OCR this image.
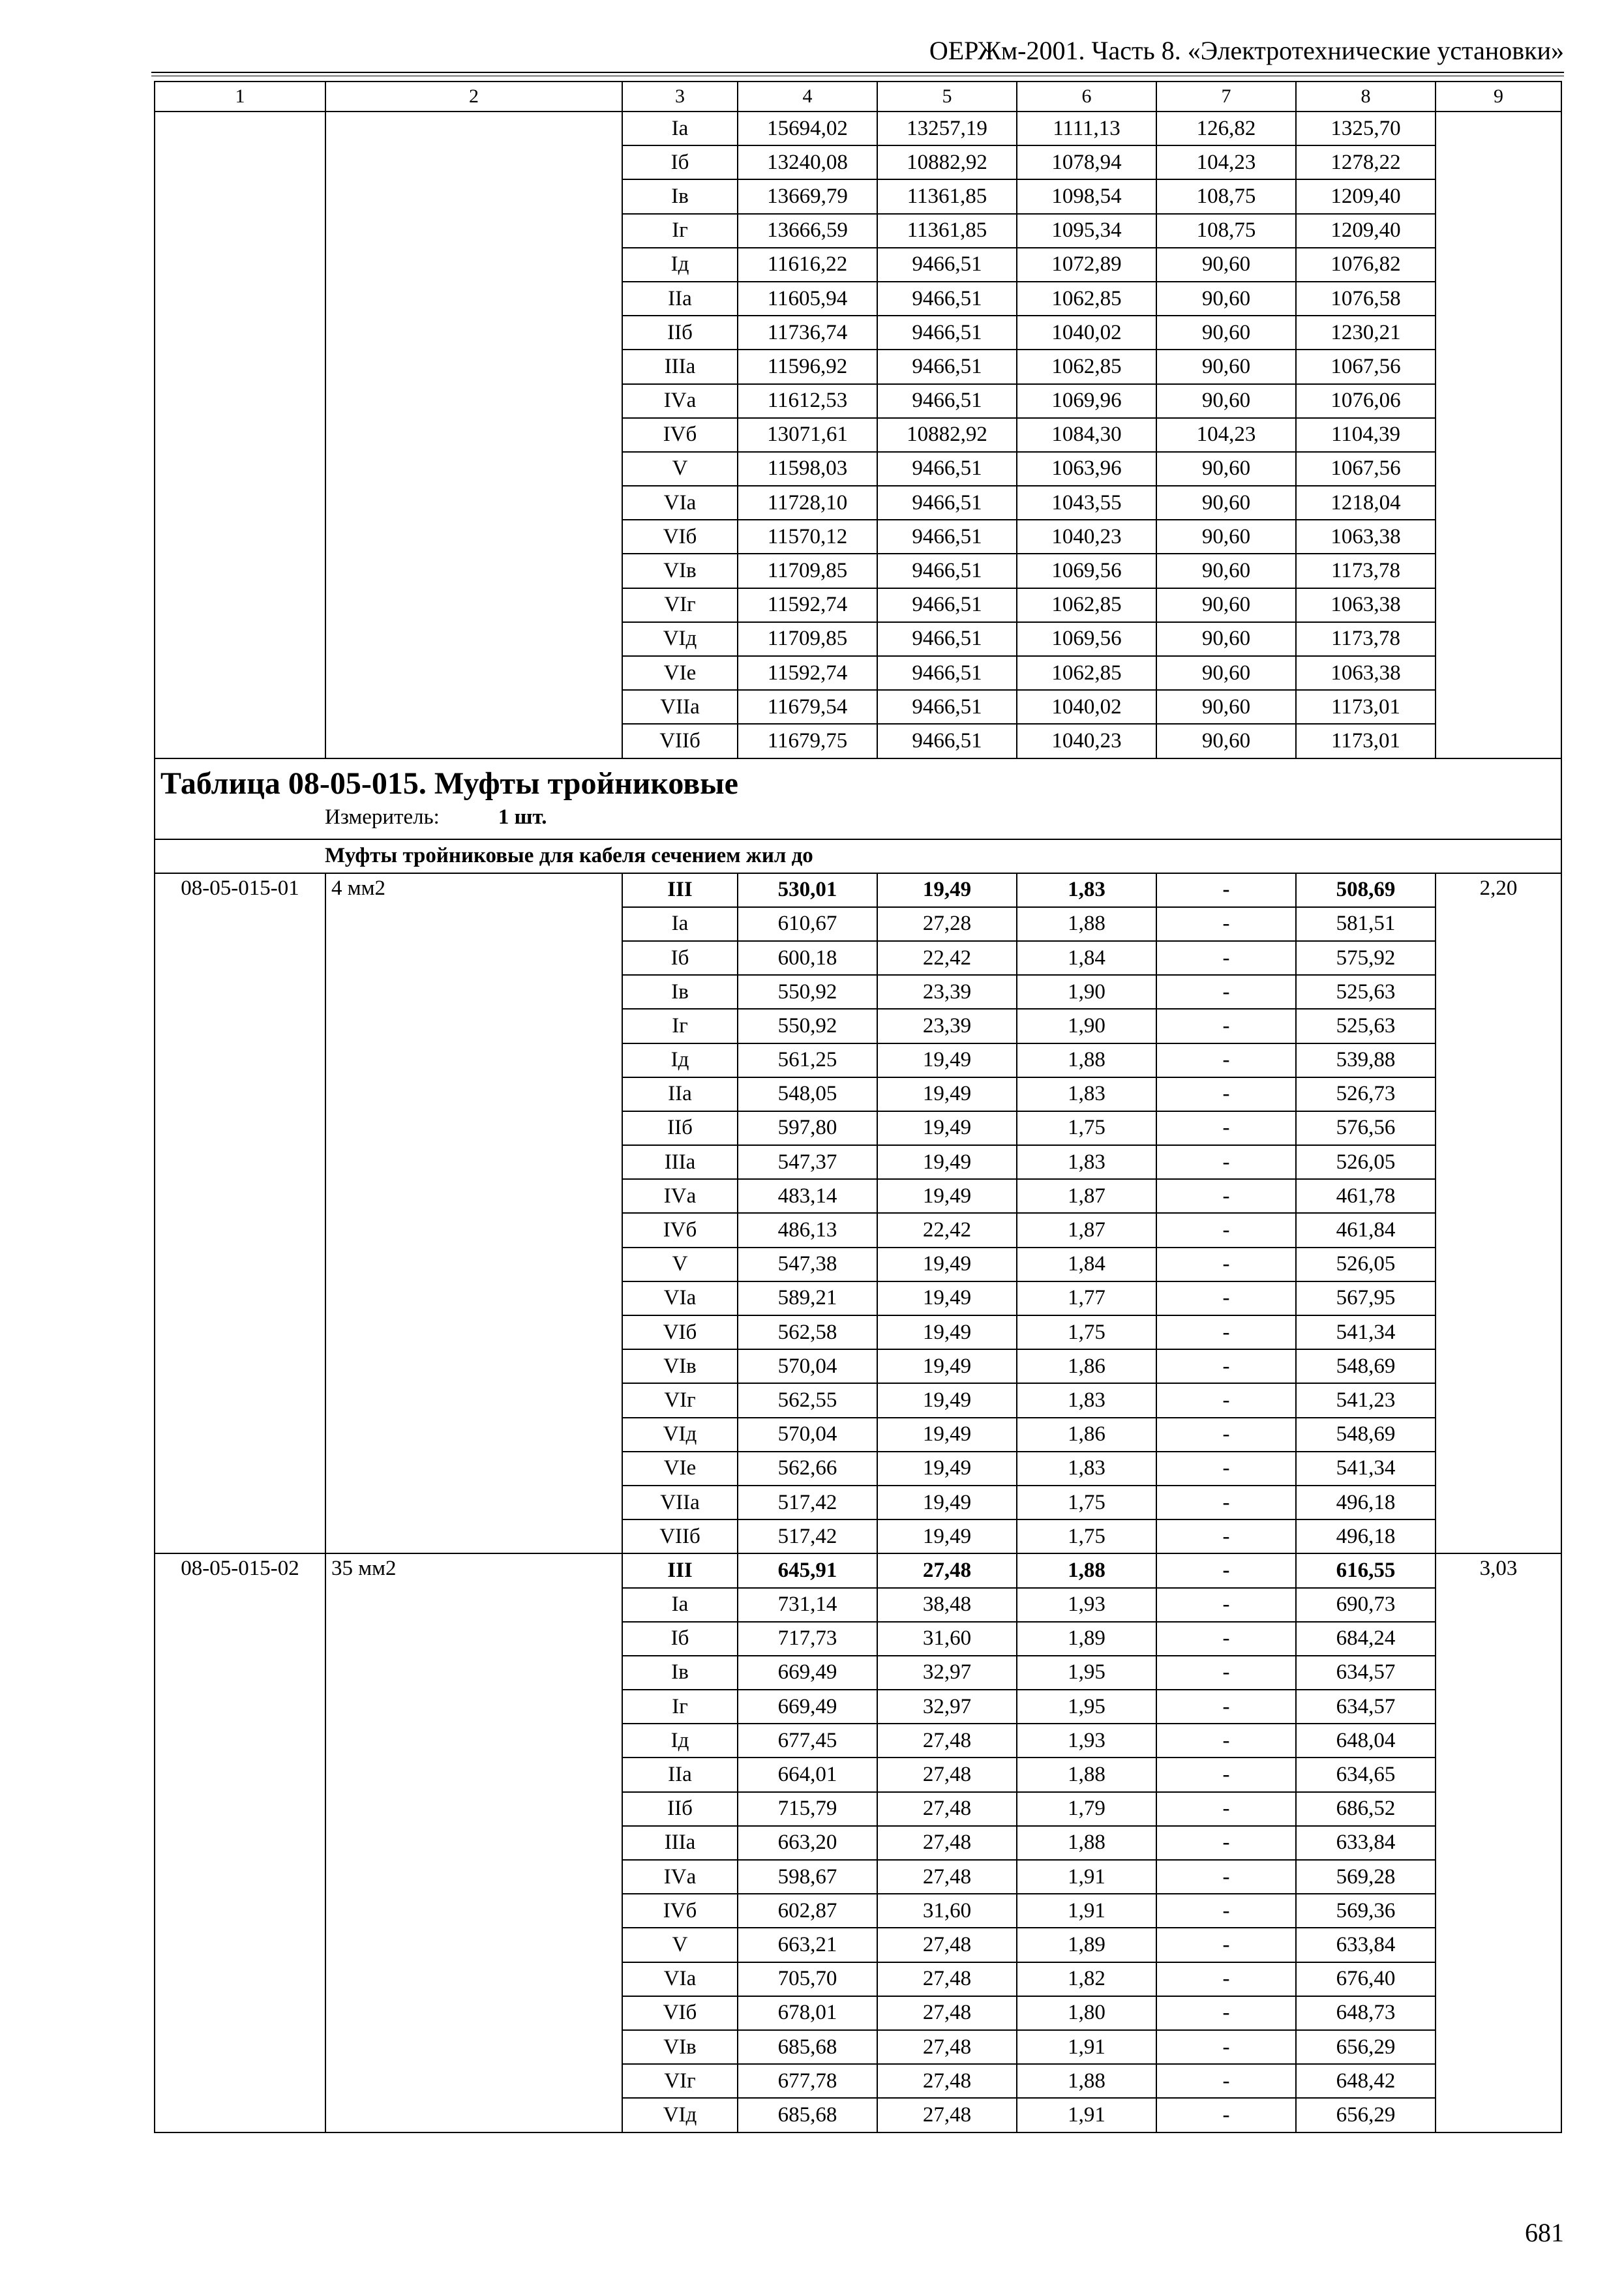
ОЕРЖм-2001. Часть 8. «Электротехнические установки»
1	2	3	4	5	6	7	8	9
		Iа	15694,02	13257,19	1111,13	126,82	1325,70	
		Iб	13240,08	10882,92	1078,94	104,23	1278,22	
		Iв	13669,79	11361,85	1098,54	108,75	1209,40	
		Iг	13666,59	11361,85	1095,34	108,75	1209,40	
		Iд	11616,22	9466,51	1072,89	90,60	1076,82	
		IIа	11605,94	9466,51	1062,85	90,60	1076,58	
		IIб	11736,74	9466,51	1040,02	90,60	1230,21	
		IIIа	11596,92	9466,51	1062,85	90,60	1067,56	
		IVа	11612,53	9466,51	1069,96	90,60	1076,06	
		IVб	13071,61	10882,92	1084,30	104,23	1104,39	
		V	11598,03	9466,51	1063,96	90,60	1067,56	
		VIа	11728,10	9466,51	1043,55	90,60	1218,04	
		VIб	11570,12	9466,51	1040,23	90,60	1063,38	
		VIв	11709,85	9466,51	1069,56	90,60	1173,78	
		VIг	11592,74	9466,51	1062,85	90,60	1063,38	
		VIд	11709,85	9466,51	1069,56	90,60	1173,78	
		VIе	11592,74	9466,51	1062,85	90,60	1063,38	
		VIIа	11679,54	9466,51	1040,02	90,60	1173,01	
		VIIб	11679,75	9466,51	1040,23	90,60	1173,01	

Таблица 08-05-015. Муфты тройниковые
Измеритель: 1 шт.								

Муфты тройниковые для кабеля сечением жил до								
08-05-015-01	4 мм2	III	530,01	19,49	1,83	-	508,69	2,20
		Iа	610,67	27,28	1,88	-	581,51	
		Iб	600,18	22,42	1,84	-	575,92	
		Iв	550,92	23,39	1,90	-	525,63	
		Iг	550,92	23,39	1,90	-	525,63	
		Iд	561,25	19,49	1,88	-	539,88	
		IIа	548,05	19,49	1,83	-	526,73	
		IIб	597,80	19,49	1,75	-	576,56	
		IIIа	547,37	19,49	1,83	-	526,05	
		IVа	483,14	19,49	1,87	-	461,78	
		IVб	486,13	22,42	1,87	-	461,84	
		V	547,38	19,49	1,84	-	526,05	
		VIа	589,21	19,49	1,77	-	567,95	
		VIб	562,58	19,49	1,75	-	541,34	
		VIв	570,04	19,49	1,86	-	548,69	
		VIг	562,55	19,49	1,83	-	541,23	
		VIд	570,04	19,49	1,86	-	548,69	
		VIе	562,66	19,49	1,83	-	541,34	
		VIIа	517,42	19,49	1,75	-	496,18	
		VIIб	517,42	19,49	1,75	-	496,18	
08-05-015-02	35 мм2	III	645,91	27,48	1,88	-	616,55	3,03
		Iа	731,14	38,48	1,93	-	690,73	
		Iб	717,73	31,60	1,89	-	684,24	
		Iв	669,49	32,97	1,95	-	634,57	
		Iг	669,49	32,97	1,95	-	634,57	
		Iд	677,45	27,48	1,93	-	648,04	
		IIа	664,01	27,48	1,88	-	634,65	
		IIб	715,79	27,48	1,79	-	686,52	
		IIIа	663,20	27,48	1,88	-	633,84	
		IVа	598,67	27,48	1,91	-	569,28	
		IVб	602,87	31,60	1,91	-	569,36	
		V	663,21	27,48	1,89	-	633,84	
		VIа	705,70	27,48	1,82	-	676,40	
		VIб	678,01	27,48	1,80	-	648,73	
		VIв	685,68	27,48	1,91	-	656,29	
		VIг	677,78	27,48	1,88	-	648,42	
		VIд	685,68	27,48	1,91	-	656,29	
681
